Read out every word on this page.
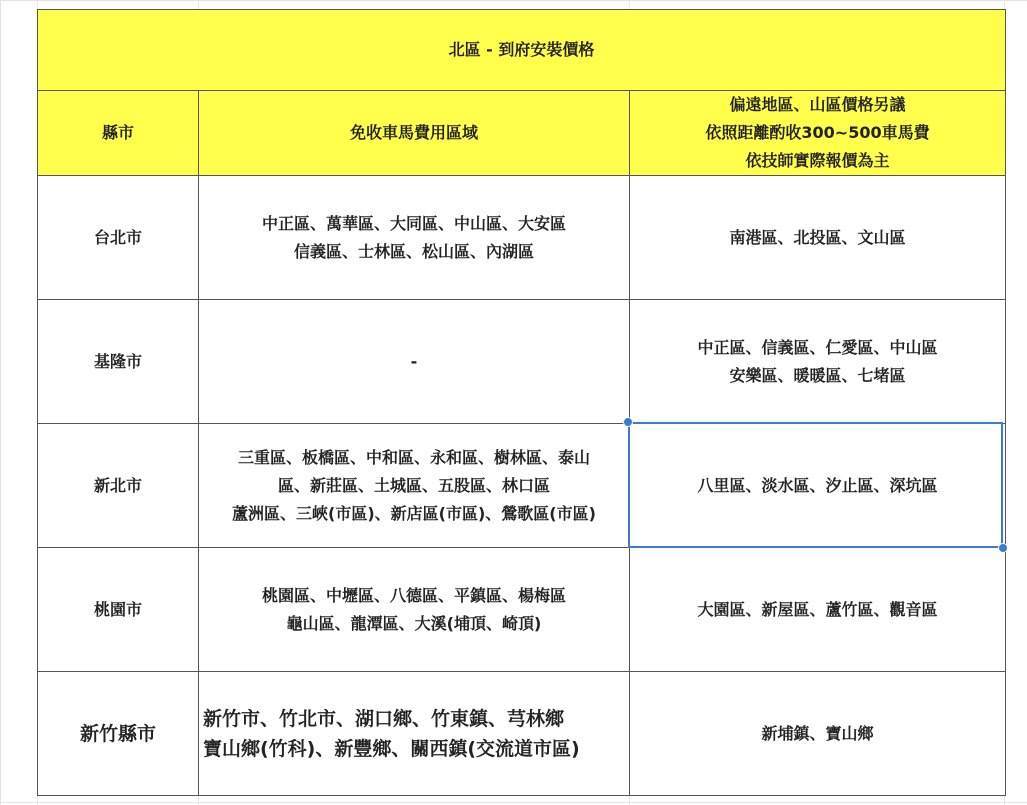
北區 - 到府安裝價格		
縣市	免收車馬費用區域	偏遠地區、山區價格另議
依照距離酌收300~500車馬費
依技師實際報價為主

台北市	中正區、萬華區、大同區、中山區、大安區
信義區、士林區、松山區、內湖區	南港區、北投區、文山區

基隆市	-	中正區、信義區、仁愛區、中山區
安樂區、暖暖區、七堵區

新北市	三重區、板橋區、中和區、永和區、樹林區、泰山
區、新莊區、土城區、五股區、林口區
蘆洲區、三峽(市區)、新店區(市區)、鶯歌區(市區)	八里區、淡水區、汐止區、深坑區

桃園市	桃園區、中壢區、八德區、平鎮區、楊梅區
龜山區、龍潭區、大溪(埔頂、崎頂)	大園區、新屋區、蘆竹區、觀音區

新竹縣市	新竹市、竹北市、湖口鄉、竹東鎮、芎林鄉
寶山鄉(竹科)、新豐鄉、關西鎮(交流道市區)	新埔鎮、寶山鄉
